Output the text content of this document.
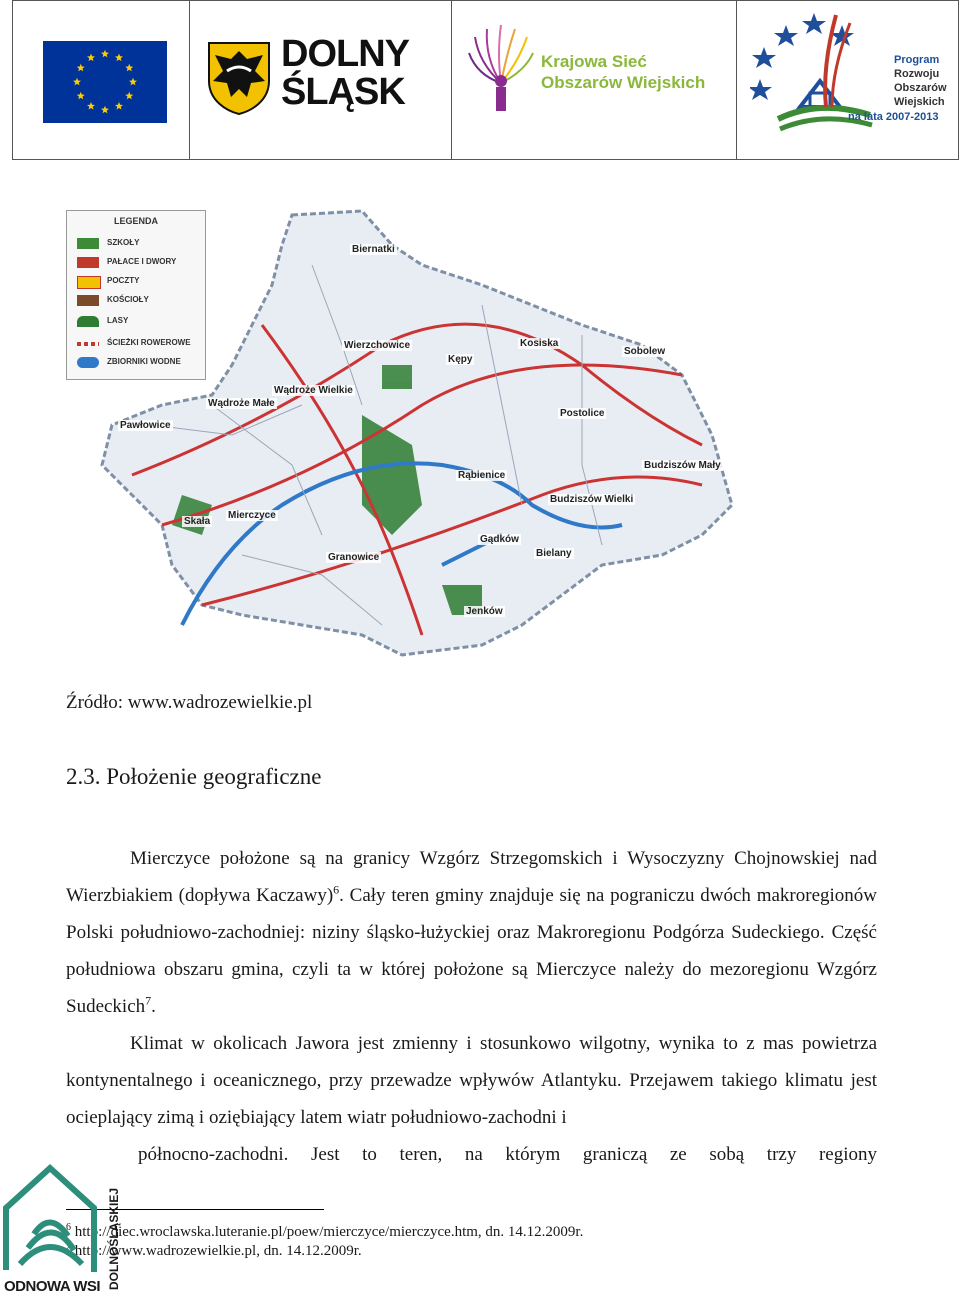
DOLNY
ŚLĄSK
Krajowa Sieć
Obszarów Wiejskich
Program
Rozwoju
Obszarów
Wiejskich
na lata 2007-2013
LEGENDA
SZKOŁY
PAŁACE I DWORY
POCZTY
KOŚCIOŁY
LASY
ŚCIEŻKI ROWEROWE
ZBIORNIKI WODNE
Biernatki
Wierzchowice
Kępy
Kosiska
Sobolew
Wądroże Wielkie
Wądroże Małe
Pawłowice
Postolice
Rąbienice
Budziszów Mały
Budziszów Wielki
Skała
Mierczyce
Gądków
Bielany
Granowice
Jenków
Źródło: www.wadrozewielkie.pl
2.3. Położenie geograficzne

Mierczyce położone są na granicy Wzgórz Strzegomskich i Wysoczyzny Chojnowskiej nad Wierzbiakiem (dopływa Kaczawy)$^6$. Cały teren gminy znajduje się na pograniczu dwóch makroregionów Polski południowo-zachodniej: niziny śląsko-łużyckiej oraz Makroregionu Podgórza Sudeckiego. Część południowa obszaru gmina, czyli ta w której położone są Mierczyce należy do mezoregionu Wzgórz Sudeckich$^7$.

Klimat w okolicach Jawora jest zmienny i stosunkowo wilgotny, wynika to z mas powietrza kontynentalnego i oceanicznego, przy przewadze wpływów Atlantyku. Przejawem takiego klimatu jest ocieplający zimą i oziębiający latem wiatr południowo-zachodni i

północno-zachodni. Jest to teren, na którym graniczą ze sobą trzy regiony

$^6$ http://diec.wroclawska.luteranie.pl/poew/mierczyce/mierczyce.htm, dn. 14.12.2009r.
$^7$ http://www.wadrozewielkie.pl, dn. 14.12.2009r.
ODNOWA WSI DOLNOŚLĄSKIEJ
